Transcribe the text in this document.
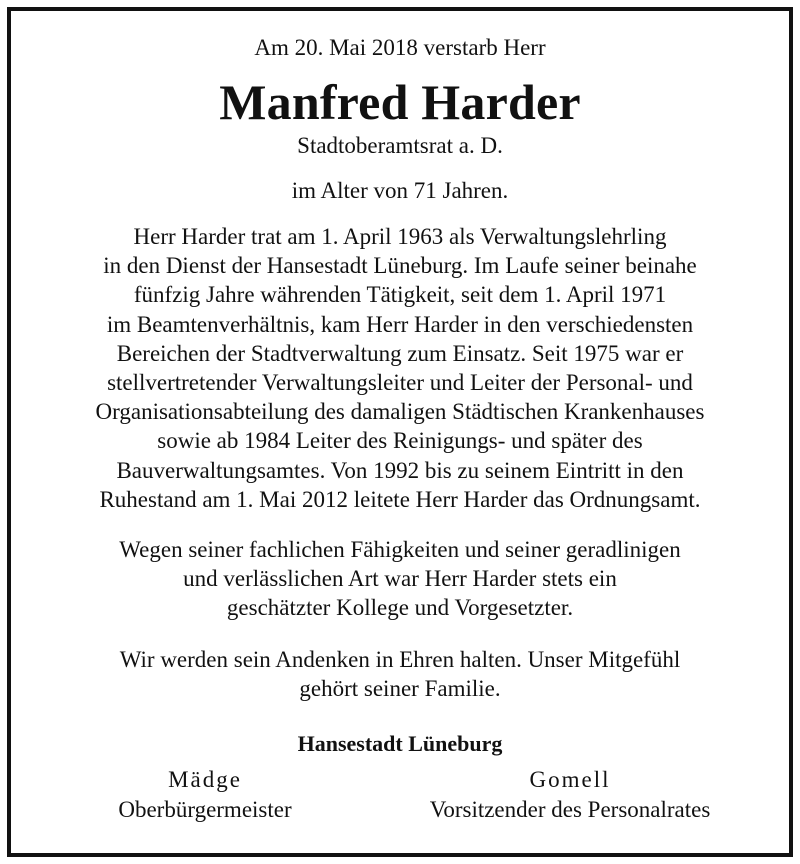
Am 20. Mai 2018 verstarb Herr
Manfred Harder
Stadtoberamtsrat a. D.
im Alter von 71 Jahren.
Herr Harder trat am 1. April 1963 als Verwaltungslehrling
in den Dienst der Hansestadt Lüneburg. Im Laufe seiner beinahe
fünfzig Jahre währenden Tätigkeit, seit dem 1. April 1971
im Beamtenverhältnis, kam Herr Harder in den verschiedensten
Bereichen der Stadtverwaltung zum Einsatz. Seit 1975 war er
stellvertretender Verwaltungsleiter und Leiter der Personal- und
Organisationsabteilung des damaligen Städtischen Krankenhauses
sowie ab 1984 Leiter des Reinigungs- und später des
Bauverwaltungsamtes. Von 1992 bis zu seinem Eintritt in den
Ruhestand am 1. Mai 2012 leitete Herr Harder das Ordnungsamt.
Wegen seiner fachlichen Fähigkeiten und seiner geradlinigen
und verlässlichen Art war Herr Harder stets ein
geschätzter Kollege und Vorgesetzter.
Wir werden sein Andenken in Ehren halten. Unser Mitgefühl
gehört seiner Familie.
Hansestadt Lüneburg
Mädge
Oberbürgermeister
Gomell
Vorsitzender des Personalrates
